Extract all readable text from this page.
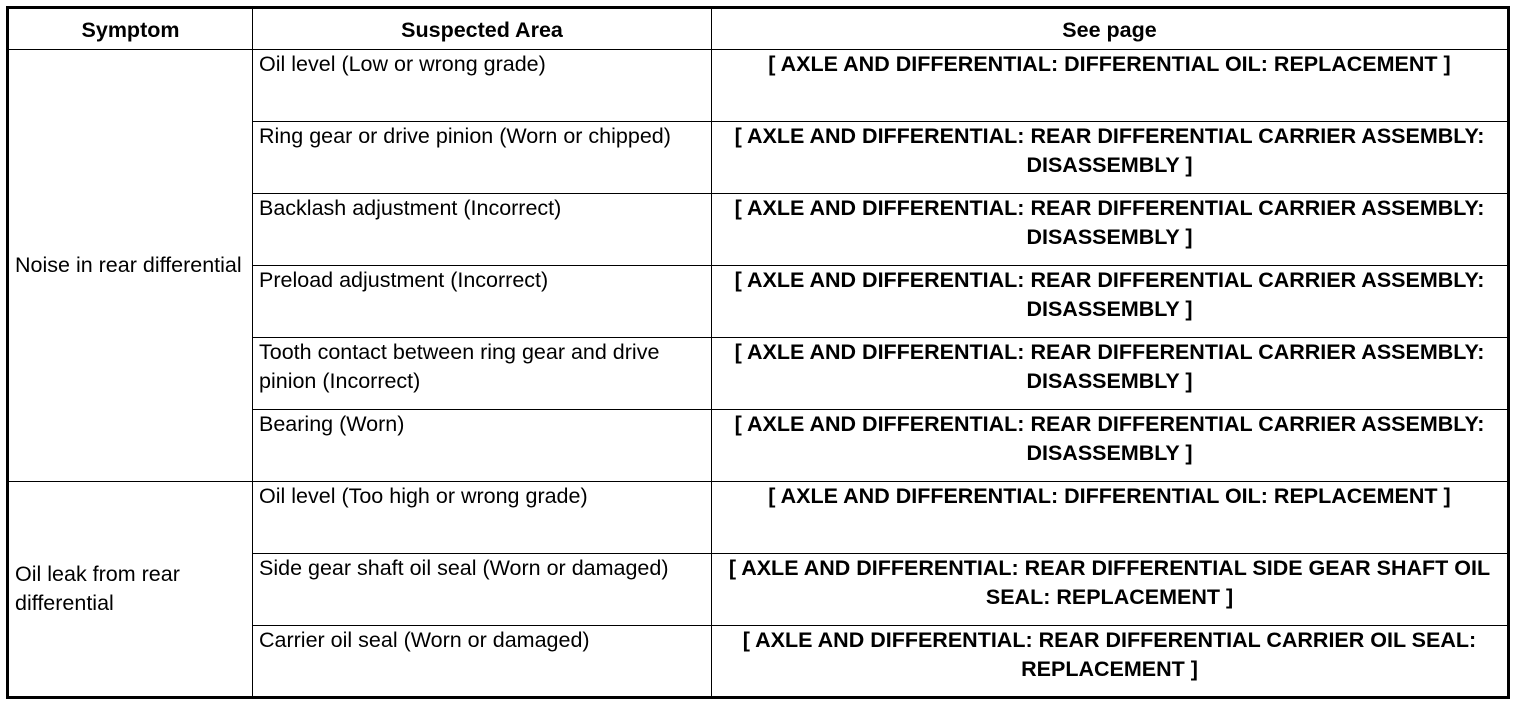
Symptom	Suspected Area	See page
Noise in rear differential	Oil level (Low or wrong grade)	[ AXLE AND DIFFERENTIAL: DIFFERENTIAL OIL: REPLACEMENT ]
	Ring gear or drive pinion (Worn or chipped)	[ AXLE AND DIFFERENTIAL: REAR DIFFERENTIAL CARRIER ASSEMBLY: DISASSEMBLY ]
	Backlash adjustment (Incorrect)	[ AXLE AND DIFFERENTIAL: REAR DIFFERENTIAL CARRIER ASSEMBLY: DISASSEMBLY ]
	Preload adjustment (Incorrect)	[ AXLE AND DIFFERENTIAL: REAR DIFFERENTIAL CARRIER ASSEMBLY: DISASSEMBLY ]
	Tooth contact between ring gear and drive pinion (Incorrect)	[ AXLE AND DIFFERENTIAL: REAR DIFFERENTIAL CARRIER ASSEMBLY: DISASSEMBLY ]
	Bearing (Worn)	[ AXLE AND DIFFERENTIAL: REAR DIFFERENTIAL CARRIER ASSEMBLY: DISASSEMBLY ]
Oil leak from rear differential	Oil level (Too high or wrong grade)	[ AXLE AND DIFFERENTIAL: DIFFERENTIAL OIL: REPLACEMENT ]
	Side gear shaft oil seal (Worn or damaged)	[ AXLE AND DIFFERENTIAL: REAR DIFFERENTIAL SIDE GEAR SHAFT OIL SEAL: REPLACEMENT ]
	Carrier oil seal (Worn or damaged)	[ AXLE AND DIFFERENTIAL: REAR DIFFERENTIAL CARRIER OIL SEAL: REPLACEMENT ]
